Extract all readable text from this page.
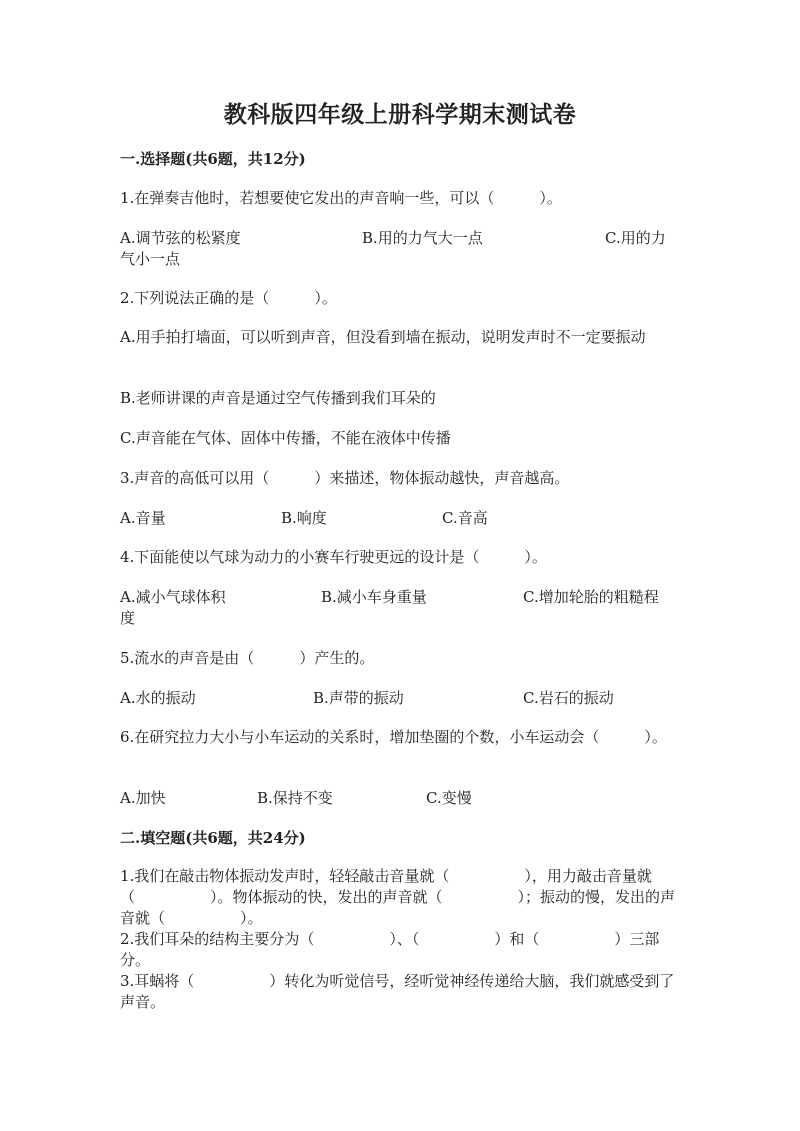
教科版四年级上册科学期末测试卷
一.选择题(共6题，共12分)
1.在弹奏吉他时，若想要使它发出的声音响一些，可以（　　　）。
A.调节弦的松紧度	B.用的力气大一点	C.用的力
气小一点
2.下列说法正确的是（　　　）。
A.用手拍打墙面，可以听到声音，但没看到墙在振动，说明发声时不一定要振动
B.老师讲课的声音是通过空气传播到我们耳朵的
C.声音能在气体、固体中传播，不能在液体中传播
3.声音的高低可以用（　　　）来描述，物体振动越快，声音越高。
A.音量	B.响度	C.音高
4.下面能使以气球为动力的小赛车行驶更远的设计是（　　　）。
A.减小气球体积	B.减小车身重量	C.增加轮胎的粗糙程
度
5.流水的声音是由（　　　）产生的。
A.水的振动	B.声带的振动	C.岩石的振动
6.在研究拉力大小与小车运动的关系时，增加垫圈的个数，小车运动会（　　　）。
A.加快	B.保持不变	C.变慢
二.填空题(共6题，共24分)

1.我们在敲击物体振动发声时，轻轻敲击音量就（　　　　　），用力敲击音量就（　　　　　）。物体振动的快，发出的声音就（　　　　　）；振动的慢，发出的声音就（　　　　　）。

2.我们耳朵的结构主要分为（　　　　　）、（　　　　　）和（　　　　　）三部分。

3.耳蜗将（　　　　　）转化为听觉信号，经听觉神经传递给大脑，我们就感受到了声音。
